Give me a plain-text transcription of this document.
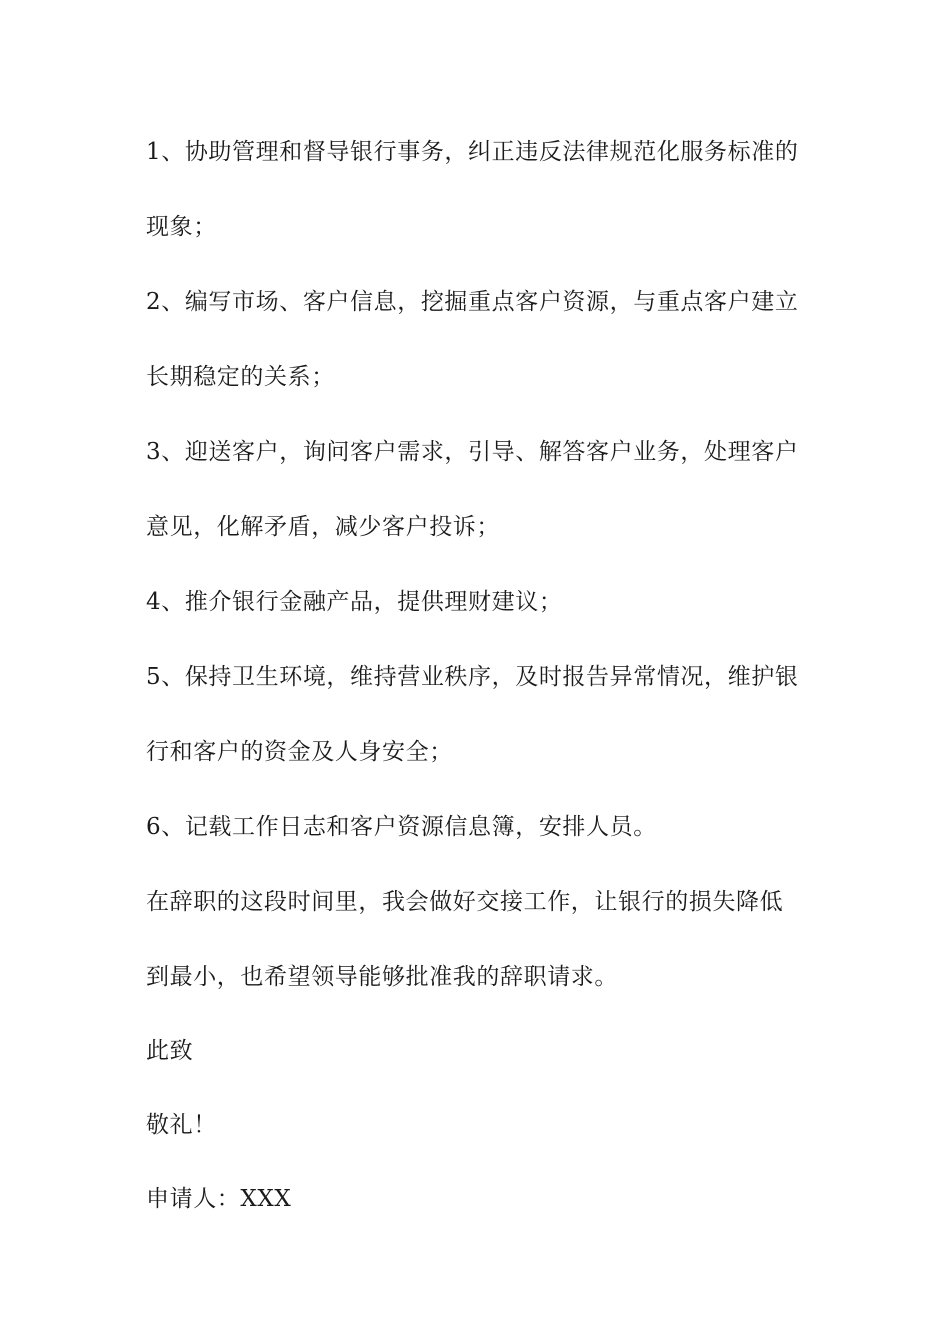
1、协助管理和督导银行事务，纠正违反法律规范化服务标准的
现象；
2、编写市场、客户信息，挖掘重点客户资源，与重点客户建立
长期稳定的关系；
3、迎送客户，询问客户需求，引导、解答客户业务，处理客户
意见，化解矛盾，减少客户投诉；
4、推介银行金融产品，提供理财建议；
5、保持卫生环境，维持营业秩序，及时报告异常情况，维护银
行和客户的资金及人身安全；
6、记载工作日志和客户资源信息簿，安排人员。
在辞职的这段时间里，我会做好交接工作，让银行的损失降低
到最小，也希望领导能够批准我的辞职请求。
此致
敬礼！
申请人：XXX
